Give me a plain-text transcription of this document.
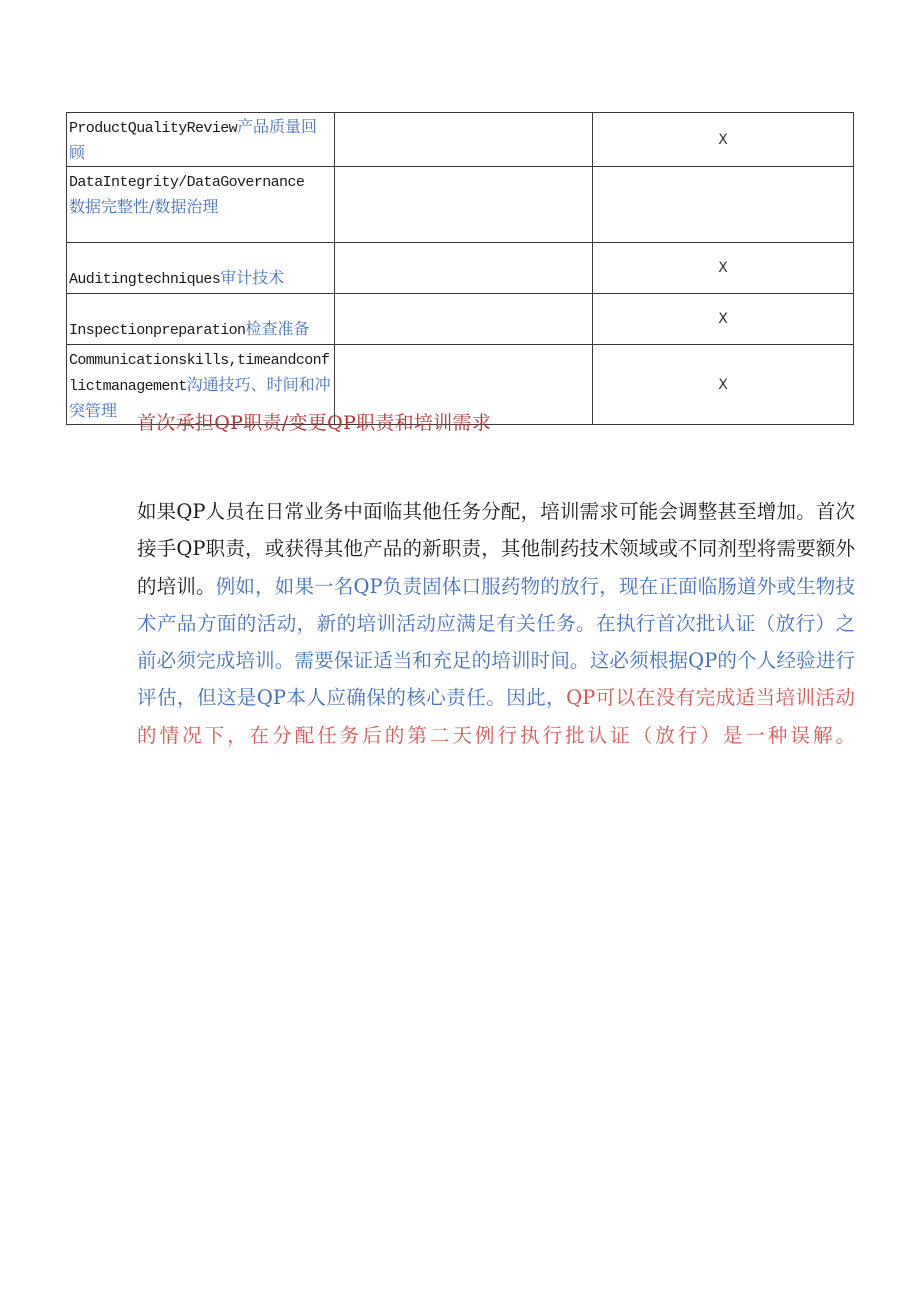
ProductQualityReview产品质量回顾		X
DataIntegrity/DataGovernance
数据完整性/数据治理		
Auditingtechniques审计技术		X
Inspectionpreparation检查准备		X
Communicationskills,timeandconflictmanagement沟通技巧、时间和冲突管理		X
首次承担QP职责/变更QP职责和培训需求

如果QP人员在日常业务中面临其他任务分配，培训需求可能会调整甚至增加。首次接手QP职责，或获得其他产品的新职责，其他制药技术领域或不同剂型将需要额外的培训。例如，如果一名QP负责固体口服药物的放行，现在正面临肠道外或生物技术产品方面的活动，新的培训活动应满足有关任务。在执行首次批认证（放行）之前必须完成培训。需要保证适当和充足的培训时间。这必须根据QP的个人经验进行评估，但这是QP本人应确保的核心责任。因此，QP可以在没有完成适当培训活动的情况下，在分配任务后的第二天例行执行批认证（放行）是一种误解。
